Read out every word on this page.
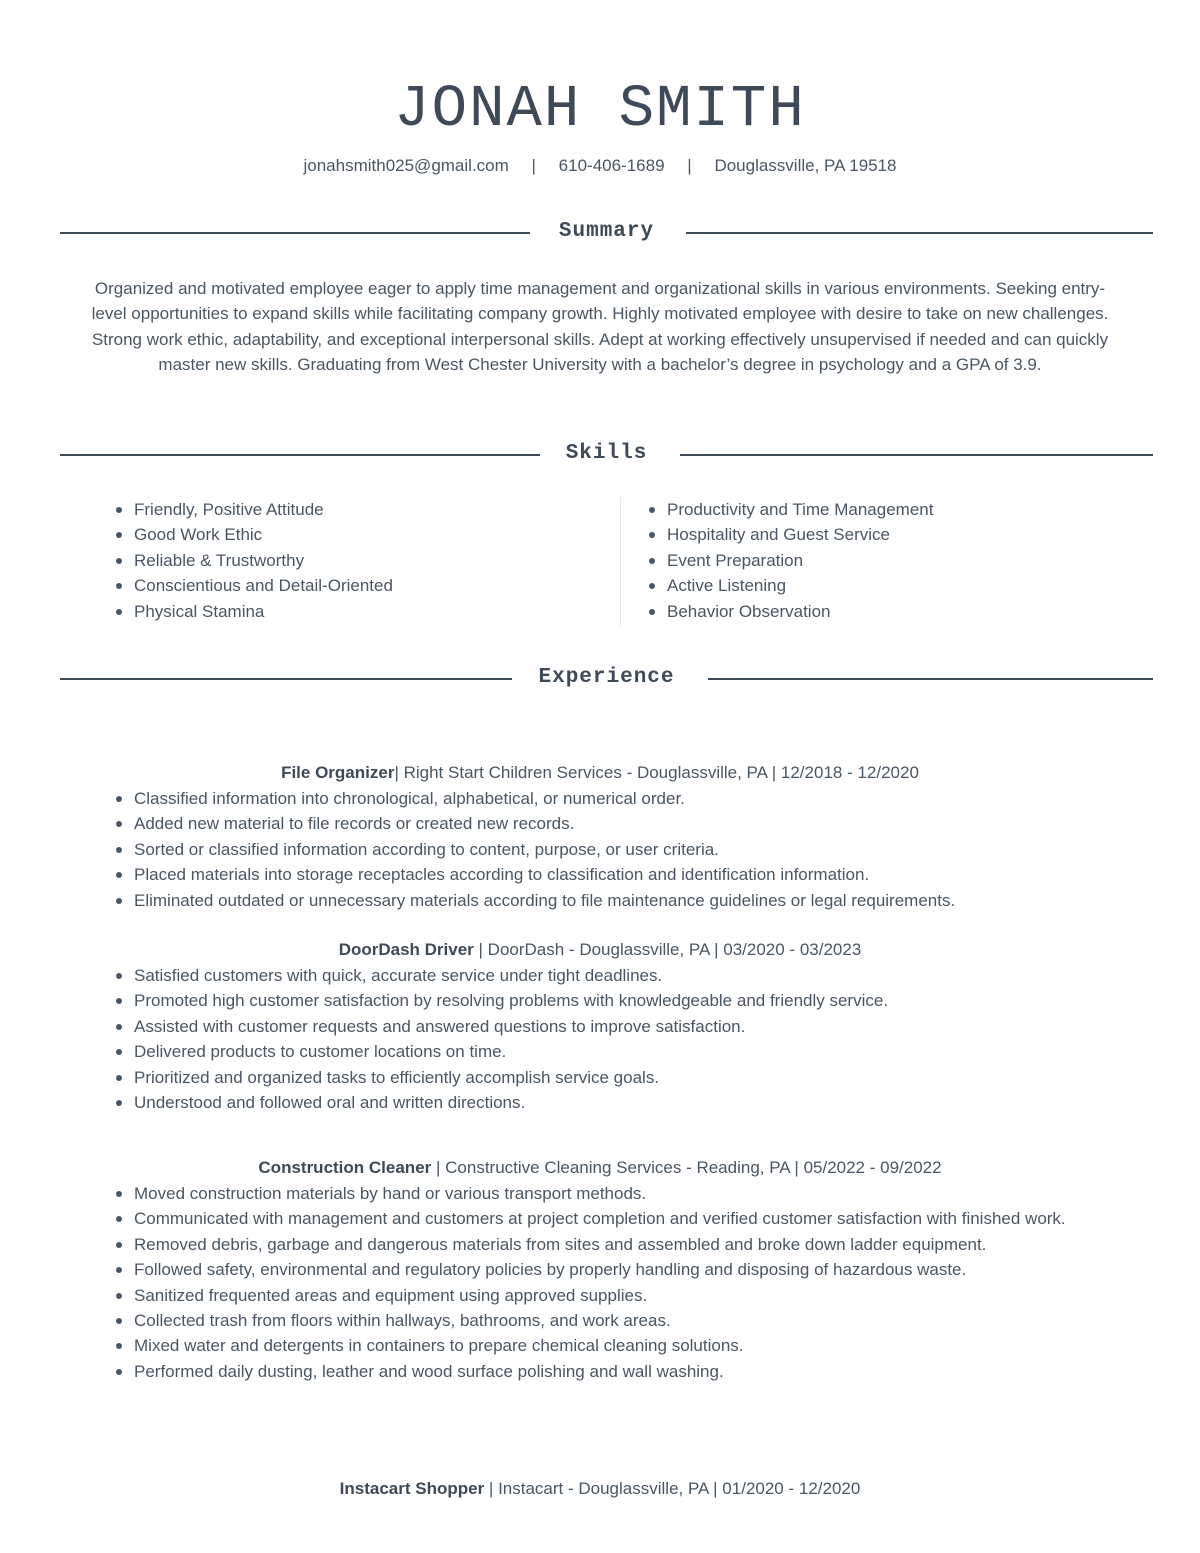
JONAH SMITH
jonahsmith025@gmail.com | 610-406-1689 | Douglassville, PA 19518
Summary

Organized and motivated employee eager to apply time management and organizational skills in various environments. Seeking entry-level opportunities to expand skills while facilitating company growth. Highly motivated employee with desire to take on new challenges. Strong work ethic, adaptability, and exceptional interpersonal skills. Adept at working effectively unsupervised if needed and can quickly master new skills. Graduating from West Chester University with a bachelor’s degree in psychology and a GPA of 3.9.

Skills
Friendly, Positive Attitude
Good Work Ethic
Reliable & Trustworthy
Conscientious and Detail-Oriented
Physical Stamina
Productivity and Time Management
Hospitality and Guest Service
Event Preparation
Active Listening
Behavior Observation
Experience
File Organizer| Right Start Children Services - Douglassville, PA | 12/2018 - 12/2020
Classified information into chronological, alphabetical, or numerical order.
Added new material to file records or created new records.
Sorted or classified information according to content, purpose, or user criteria.
Placed materials into storage receptacles according to classification and identification information.
Eliminated outdated or unnecessary materials according to file maintenance guidelines or legal requirements.
DoorDash Driver | DoorDash - Douglassville, PA | 03/2020 - 03/2023
Satisfied customers with quick, accurate service under tight deadlines.
Promoted high customer satisfaction by resolving problems with knowledgeable and friendly service.
Assisted with customer requests and answered questions to improve satisfaction.
Delivered products to customer locations on time.
Prioritized and organized tasks to efficiently accomplish service goals.
Understood and followed oral and written directions.
Construction Cleaner | Constructive Cleaning Services - Reading, PA | 05/2022 - 09/2022
Moved construction materials by hand or various transport methods.
Communicated with management and customers at project completion and verified customer satisfaction with finished work.
Removed debris, garbage and dangerous materials from sites and assembled and broke down ladder equipment.
Followed safety, environmental and regulatory policies by properly handling and disposing of hazardous waste.
Sanitized frequented areas and equipment using approved supplies.
Collected trash from floors within hallways, bathrooms, and work areas.
Mixed water and detergents in containers to prepare chemical cleaning solutions.
Performed daily dusting, leather and wood surface polishing and wall washing.
Instacart Shopper | Instacart - Douglassville, PA | 01/2020 - 12/2020
